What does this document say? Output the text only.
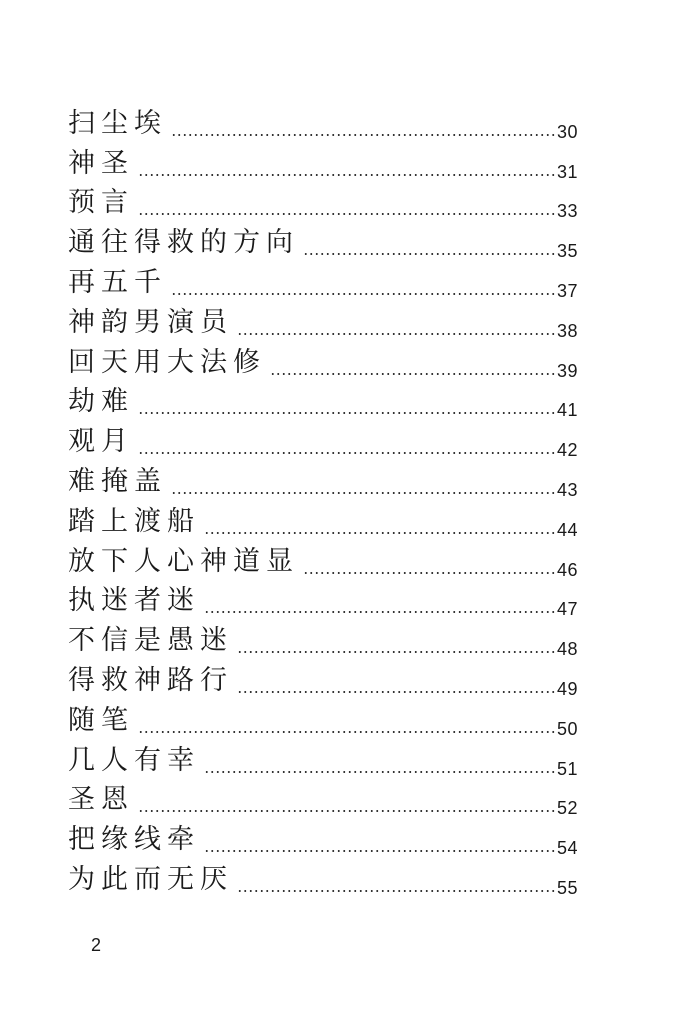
扫尘埃	30
神圣	31
预言	33
通往得救的方向	35
再五千	37
神韵男演员	38
回天用大法修	39
劫难	41
观月	42
难掩盖	43
踏上渡船	44
放下人心神道显	46
执迷者迷	47
不信是愚迷	48
得救神路行	49
随笔	50
几人有幸	51
圣恩	52
把缘线牵	54
为此而无厌	55
2
